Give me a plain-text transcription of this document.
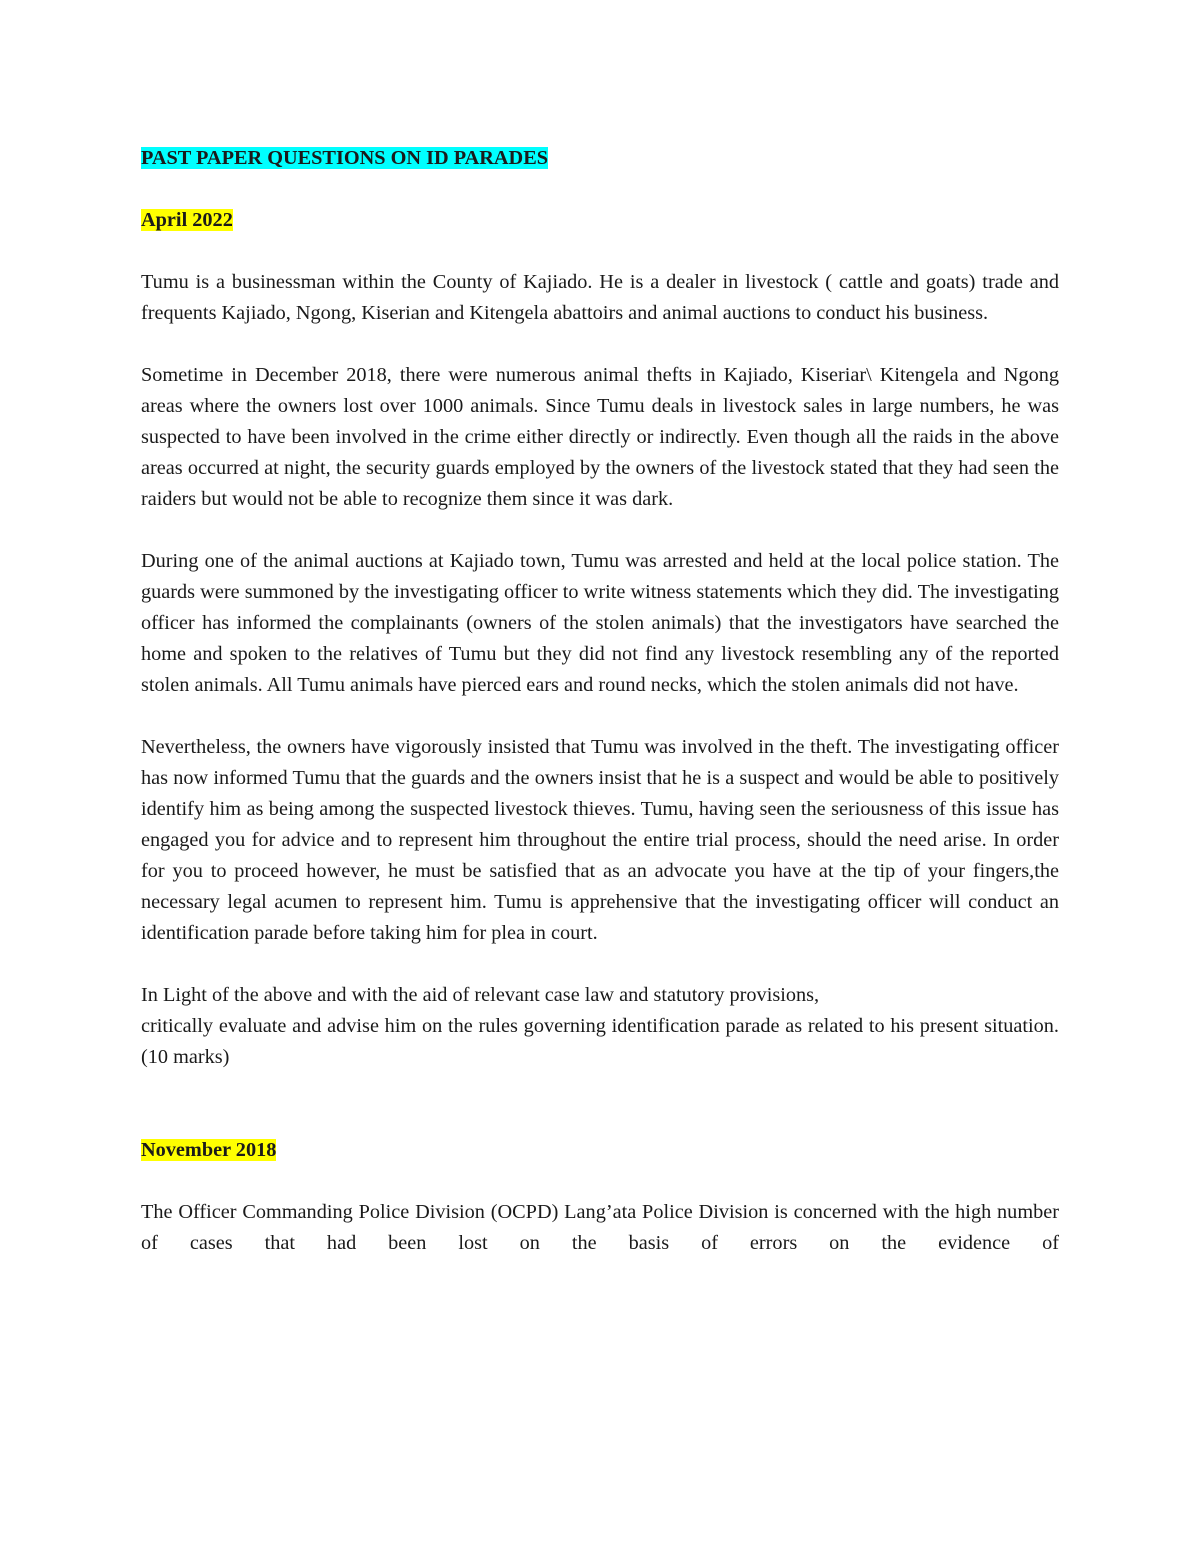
PAST PAPER QUESTIONS ON ID PARADES
April 2022

Tumu is a businessman within the County of Kajiado. He is a dealer in livestock ( cattle and goats) trade and frequents Kajiado, Ngong, Kiserian and Kitengela abattoirs and animal auctions to conduct his business.

Sometime in December 2018, there were numerous animal thefts in Kajiado, Kiseriar\ Kitengela and Ngong areas where the owners lost over 1000 animals. Since Tumu deals in livestock sales in large numbers, he was suspected to have been involved in the crime either directly or indirectly. Even though all the raids in the above areas occurred at night, the security guards employed by the owners of the livestock stated that they had seen the raiders but would not be able to recognize them since it was dark.

During one of the animal auctions at Kajiado town, Tumu was arrested and held at the local police station. The guards were summoned by the investigating officer to write witness statements which they did. The investigating officer has informed the complainants (owners of the stolen animals) that the investigators have searched the home and spoken to the relatives of Tumu but they did not find any livestock resembling any of the reported stolen animals. All Tumu animals have pierced ears and round necks, which the stolen animals did not have.

Nevertheless, the owners have vigorously insisted that Tumu was involved in the theft. The investigating officer has now informed Tumu that the guards and the owners insist that he is a suspect and would be able to positively identify him as being among the suspected livestock thieves. Tumu, having seen the seriousness of this issue has engaged you for advice and to represent him throughout the entire trial process, should the need arise. In order for you to proceed however, he must be satisfied that as an advocate you have at the tip of your fingers,the necessary legal acumen to represent him. Tumu is apprehensive that the investigating officer will conduct an identification parade before taking him for plea in court.

In Light of the above and with the aid of relevant case law and statutory provisions,

critically evaluate and advise him on the rules governing identification parade as related to his present situation. (10 marks)

November 2018

The Officer Commanding Police Division (OCPD) Lang’ata Police Division is concerned with the high number of cases that had been lost on the basis of errors on the evidence of
